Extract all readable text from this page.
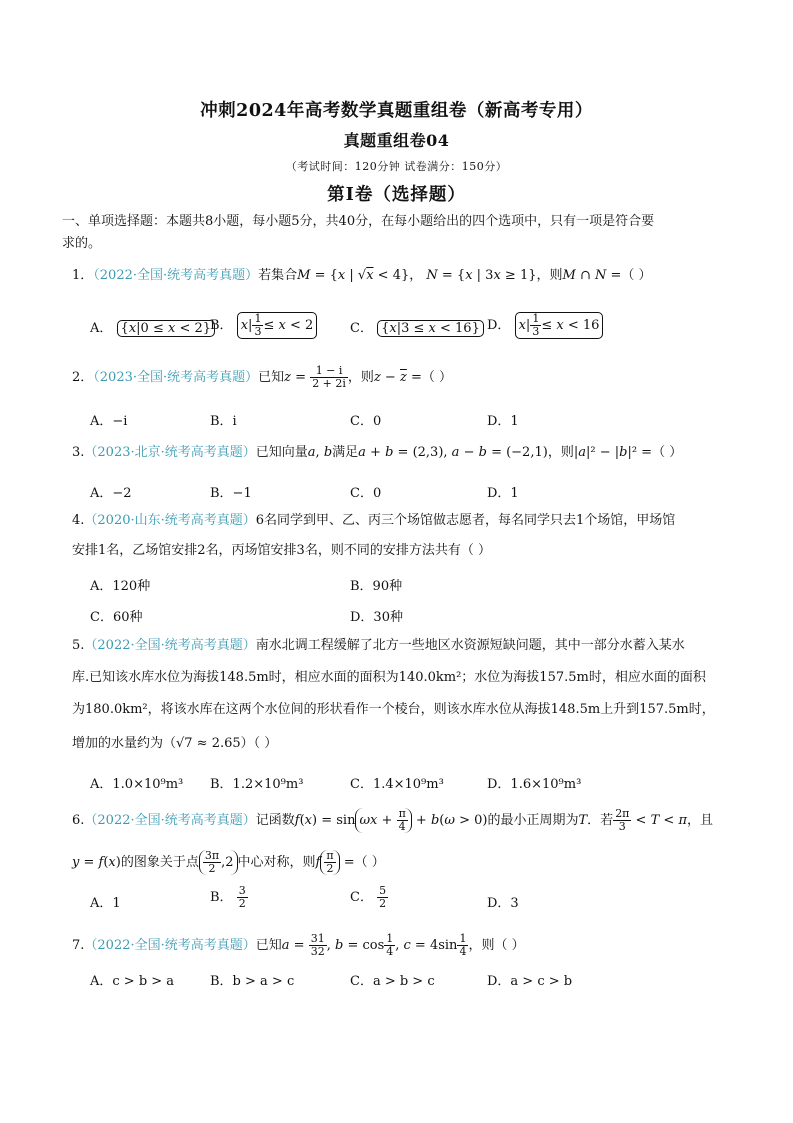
冲刺2024年高考数学真题重组卷（新高考专用）
真题重组卷04
（考试时间：120分钟 试卷满分：150分）
第I卷（选择题）
一、单项选择题：本题共8小题，每小题5分，共40分，在每小题给出的四个选项中，只有一项是符合要
求的。
1．（2022·全国·统考高考真题）若集合M = {x | √x < 4}， N = {x | 3x ≥ 1}，则M ∩ N =（ ）
A． {x|0 ≤ x < 2}
B． $x| \frac{1}{3} \le x < 2$	C． {x|3 ≤ x < 16} D． $x| \frac{1}{3} \le x < 16$
2．（2023·全国·统考高考真题）已知$z = \frac{1 - i}{2 + 2i}$ ，则$z - \overline{z}$ =（ ）
A．−i	B．i	C．0	D．1
3.（2023·北京·统考高考真题）已知向量a, b满足a + b = (2,3), a − b = (−2,1)，则|a|² − |b|² =（ ）
A．−2	B．−1	C．0	D．1
4.（2020·山东·统考高考真题）6名同学到甲、乙、丙三个场馆做志愿者，每名同学只去1个场馆，甲场馆
安排1名，乙场馆安排2名，丙场馆安排3名，则不同的安排方法共有（ ）
A．120种	B．90种
C．60种	D．30种
5.（2022·全国·统考高考真题）南水北调工程缓解了北方一些地区水资源短缺问题，其中一部分水蓄入某水
库.已知该水库水位为海拔148.5m时，相应水面的面积为140.0km²；水位为海拔157.5m时，相应水面的面积
为180.0km²，将该水库在这两个水位间的形状看作一个棱台，则该水库水位从海拔148.5m上升到157.5m时，
增加的水量约为（√7 ≈ 2.65）（ ）
A．1.0×10⁹m³ B．1.2×10⁹m³	C．1.4×10⁹m³	D．1.6×10⁹m³
6.（2022·全国·统考高考真题）记函数$f(x) = \sin \omega x + \frac{\pi}{4} + b(\omega > 0)$的最小正周期为T．若 $\frac{2\pi}{3} < T < \pi$，且
y = f(x)的图象关于点 $\frac{3\pi}{2} ,2$ 中心对称，则f $\frac{\pi}{2}$ =（ ）
A．1	B． $\frac{3}{2}$	C． $\frac{5}{2}$	D．3
7.（2022·全国·统考高考真题）已知$a = \frac{31}{32}$ , $b = \cos \frac{1}{4}$ , $c = 4\sin \frac{1}{4}$ ，则（ ）
A．c > b > a	B．b > a > c	C．a > b > c	D．a > c > b
